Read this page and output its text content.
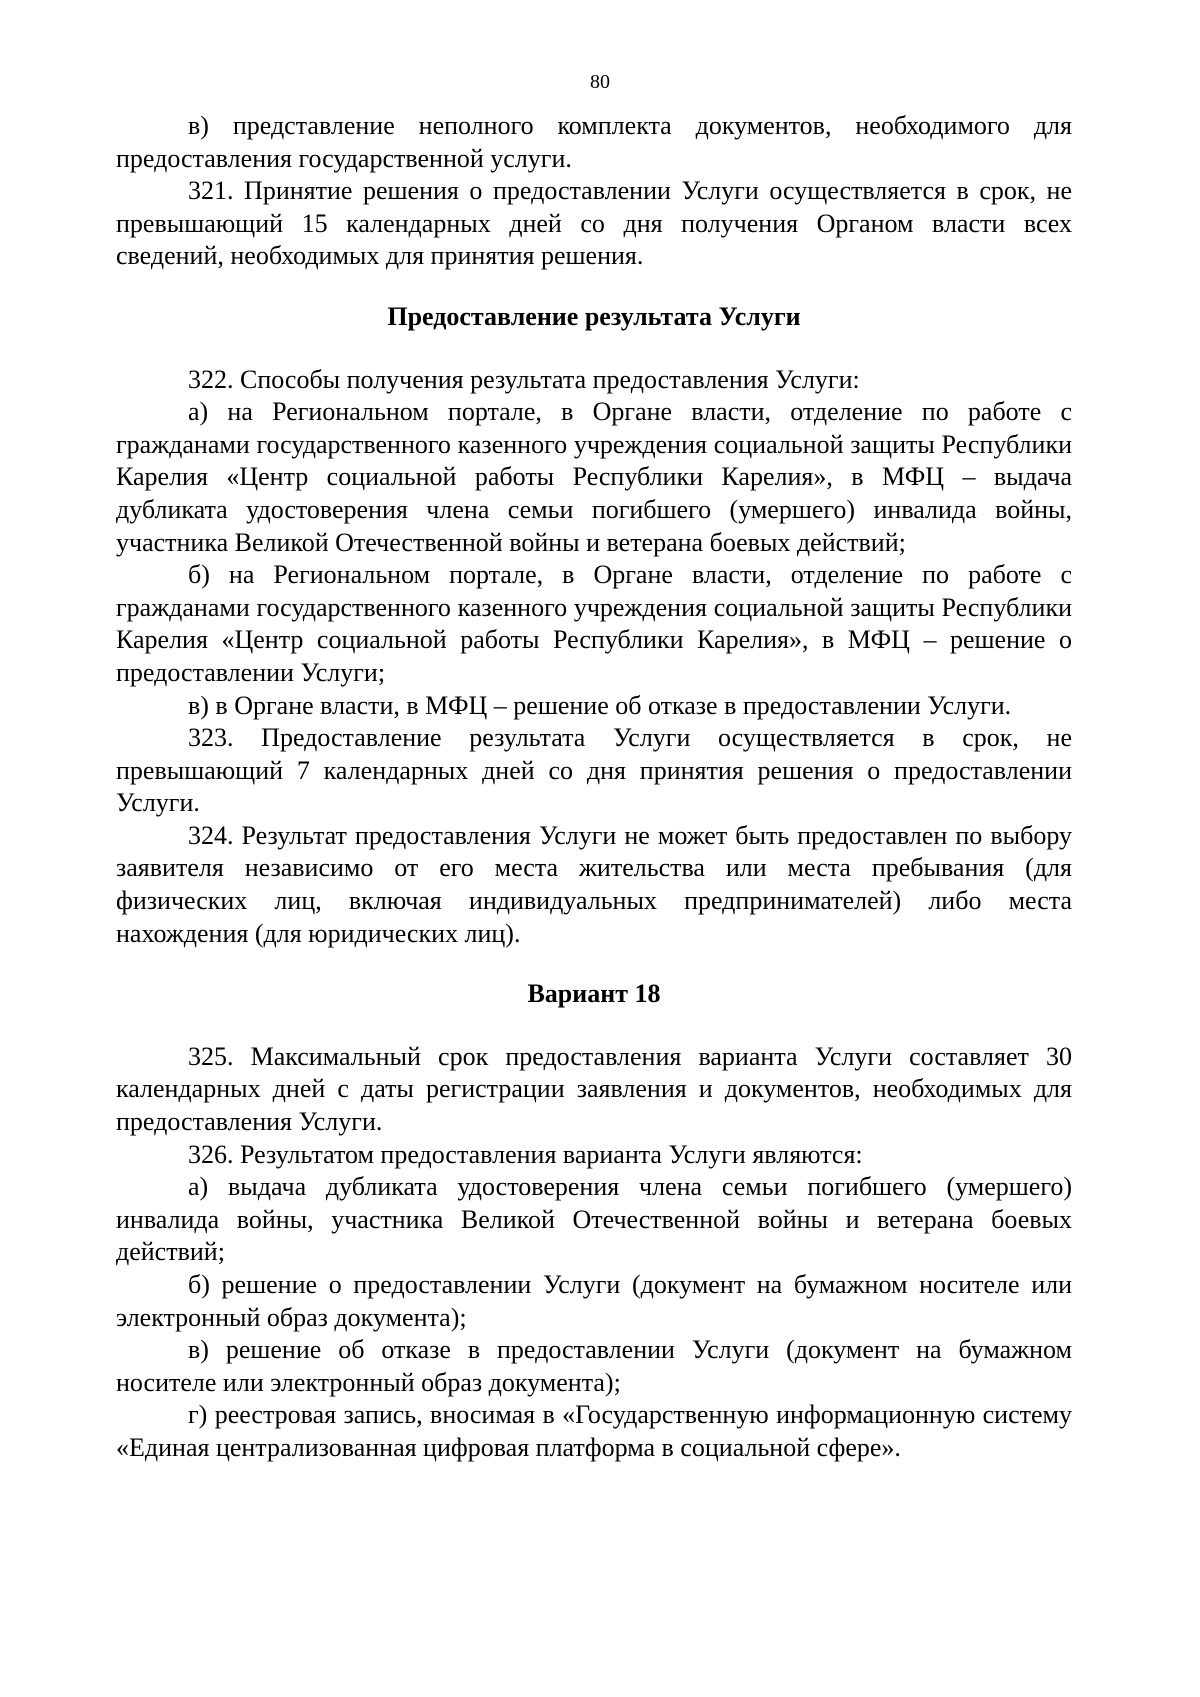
80

в) представление неполного комплекта документов, необходимого для предоставления государственной услуги.

321. Принятие решения о предоставлении Услуги осуществляется в срок, не превышающий 15 календарных дней со дня получения Органом власти всех сведений, необходимых для принятия решения.

Предоставление результата Услуги

322. Способы получения результата предоставления Услуги:

а) на Региональном портале, в Органе власти, отделение по работе с гражданами государственного казенного учреждения социальной защиты Республики Карелия «Центр социальной работы Республики Карелия», в МФЦ – выдача дубликата удостоверения члена семьи погибшего (умершего) инвалида войны, участника Великой Отечественной войны и ветерана боевых действий;

б) на Региональном портале, в Органе власти, отделение по работе с гражданами государственного казенного учреждения социальной защиты Республики Карелия «Центр социальной работы Республики Карелия», в МФЦ – решение о предоставлении Услуги;

в) в Органе власти, в МФЦ – решение об отказе в предоставлении Услуги.

323. Предоставление результата Услуги осуществляется в срок, не превышающий 7 календарных дней со дня принятия решения о предоставлении Услуги.

324. Результат предоставления Услуги не может быть предоставлен по выбору заявителя независимо от его места жительства или места пребывания (для физических лиц, включая индивидуальных предпринимателей) либо места нахождения (для юридических лиц).

Вариант 18

325. Максимальный срок предоставления варианта Услуги составляет 30 календарных дней с даты регистрации заявления и документов, необходимых для предоставления Услуги.

326. Результатом предоставления варианта Услуги являются:

а) выдача дубликата удостоверения члена семьи погибшего (умершего) инвалида войны, участника Великой Отечественной войны и ветерана боевых действий;

б) решение о предоставлении Услуги (документ на бумажном носителе или электронный образ документа);

в) решение об отказе в предоставлении Услуги (документ на бумажном носителе или электронный образ документа);

г) реестровая запись, вносимая в «Государственную информационную систему «Единая централизованная цифровая платформа в социальной сфере».
